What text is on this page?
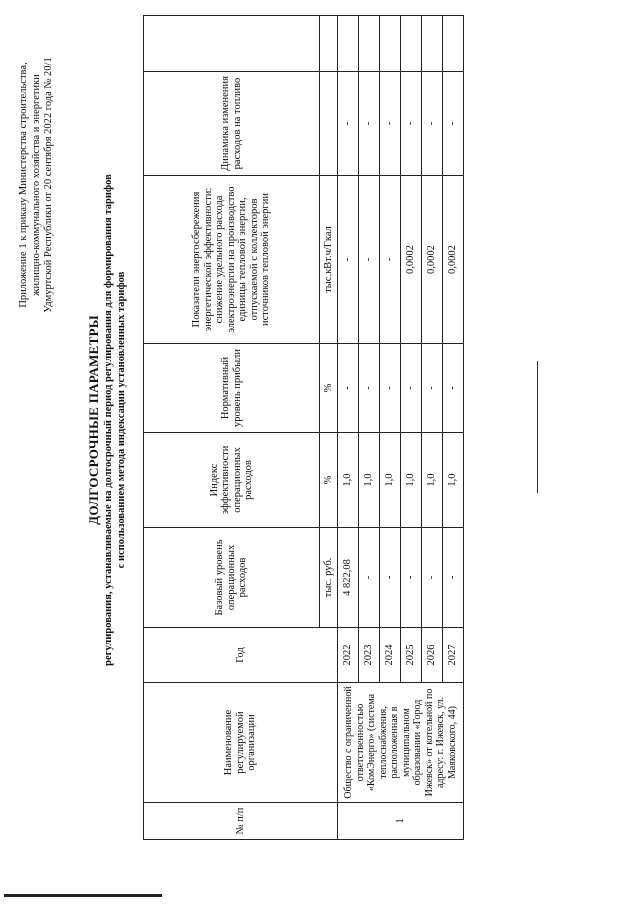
Приложение 1 к приказу Министерства строительства, жилищно-коммунального хозяйства и энергетики Удмуртской Республики от 20 сентября 2022 года № 20/1
ДОЛГОСРОЧНЫЕ ПАРАМЕТРЫ регулирования, устанавливаемые на долгосрочный период регулирования для формирования тарифов с использованием метода индексации установленных тарифов
№ п/п	Наименование регулируемой организации	Год	Базовый уровень операционных расходов	Индекс эффективности операционных расходов	Нормативный уровень прибыли	Показатели энергосбережения энергетической эффективности: снижение удельного расхода электроэнергии на производство единицы тепловой энергии, отпускаемой с коллекторов источников тепловой энергии	Динамика изменения расходов на топливо	
			тыс. руб.	%	%	тыс.кВт.ч/Гкал		
1	Общество с ограниченной ответственностью «КомЭнерго» (система теплоснабжения, расположенная в муниципальном образовании «Город Ижевск» от котельной по адресу: г. Ижевск, ул. Маяковского, 44)	2022	4 822,08	1,0	-	-	-	
		2023	-	1,0	-	-	-	
		2024	-	1,0	-	-	-	
		2025	-	1,0	-	0,0002	-	
		2026	-	1,0	-	0,0002	-	
		2027	-	1,0	-	0,0002	-	
